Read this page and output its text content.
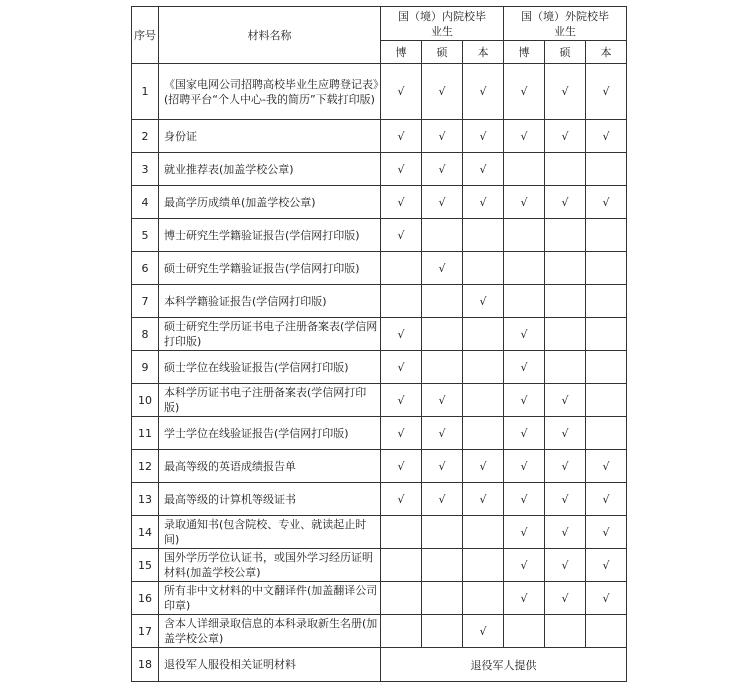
序号	材料名称	国（境）内院校毕业生			国（境）外院校毕业生		

		博	硕	本	博	硕	本
1	《国家电网公司招聘高校毕业生应聘登记表》(招聘平台“个人中心-我的简历”下载打印版)	√	√	√	√	√	√
2	身份证	√	√	√	√	√	√
3	就业推荐表(加盖学校公章)	√	√	√			
4	最高学历成绩单(加盖学校公章)	√	√	√	√	√	√
5	博士研究生学籍验证报告(学信网打印版)	√					
6	硕士研究生学籍验证报告(学信网打印版)		√				
7	本科学籍验证报告(学信网打印版)			√			
8	硕士研究生学历证书电子注册备案表(学信网打印版)	√			√		
9	硕士学位在线验证报告(学信网打印版)	√			√		
10	本科学历证书电子注册备案表(学信网打印版)	√	√		√	√	
11	学士学位在线验证报告(学信网打印版)	√	√		√	√	
12	最高等级的英语成绩报告单	√	√	√	√	√	√
13	最高等级的计算机等级证书	√	√	√	√	√	√
14	录取通知书(包含院校、专业、就读起止时间)				√	√	√
15	国外学历学位认证书，或国外学习经历证明材料(加盖学校公章)				√	√	√
16	所有非中文材料的中文翻译件(加盖翻译公司印章)				√	√	√
17	含本人详细录取信息的本科录取新生名册(加盖学校公章)			√			
18	退役军人服役相关证明材料	退役军人提供					
